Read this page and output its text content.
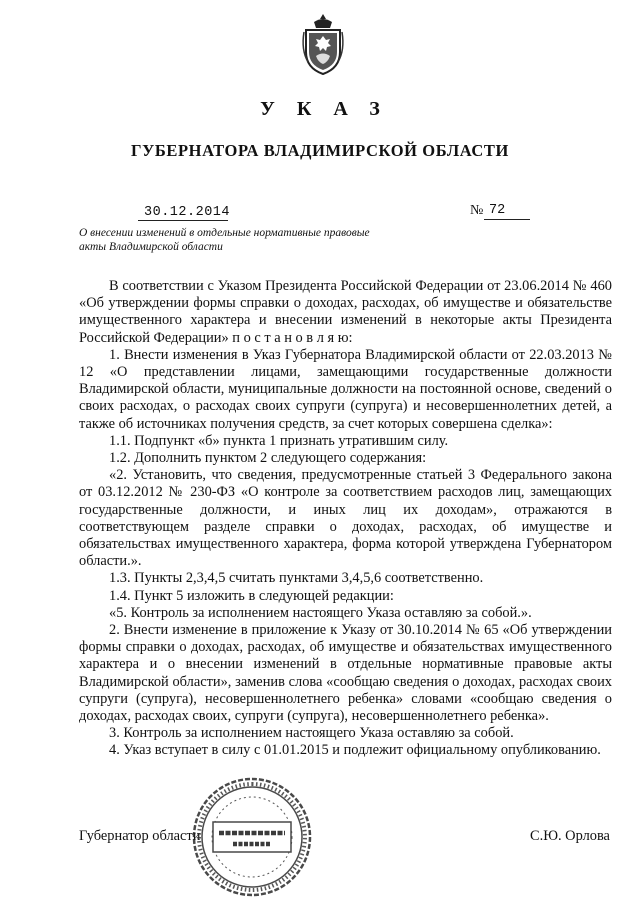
УКАЗ
ГУБЕРНАТОРА ВЛАДИМИРСКОЙ ОБЛАСТИ
30.12.2014	№ 72
О внесении изменений в отдельные нормативные правовые акты Владимирской области

В соответствии с Указом Президента Российской Федерации от 23.06.2014 № 460 «Об утверждении формы справки о доходах, расходах, об имуществе и обязательстве имущественного характера и внесении изменений в некоторые акты Президента Российской Федерации» п о с т а н о в л я ю:

1. Внести изменения в Указ Губернатора Владимирской области от 22.03.2013 № 12 «О представлении лицами, замещающими государственные должности Владимирской области, муниципальные должности на постоянной основе, сведений о своих расходах, о расходах своих супруги (супруга) и несовершеннолетних детей, а также об источниках получения средств, за счет которых совершена сделка»:

1.1. Подпункт «б» пункта 1 признать утратившим силу.

1.2. Дополнить пунктом 2 следующего содержания:

«2. Установить, что сведения, предусмотренные статьей 3 Федерального закона от 03.12.2012 № 230-ФЗ «О контроле за соответствием расходов лиц, замещающих государственные должности, и иных лиц их доходам», отражаются в соответствующем разделе справки о доходах, расходах, об имуществе и обязательствах имущественного характера, форма которой утверждена Губернатором области.».

1.3. Пункты 2,3,4,5 считать пунктами 3,4,5,6 соответственно.

1.4. Пункт 5 изложить в следующей редакции:

«5. Контроль за исполнением настоящего Указа оставляю за собой.».

2. Внести изменение в приложение к Указу от 30.10.2014 № 65 «Об утверждении формы справки о доходах, расходах, об имуществе и обязательствах имущественного характера и о внесении изменений в отдельные нормативные правовые акты Владимирской области», заменив слова «сообщаю сведения о доходах, расходах своих супруги (супруга), несовершеннолетнего ребенка» словами «сообщаю сведения о доходах, расходах своих, супруги (супруга), несовершеннолетнего ребенка».

3. Контроль за исполнением настоящего Указа оставляю за собой.

4. Указ вступает в силу с 01.01.2015 и подлежит официальному опубликованию.

Губернатор области	С.Ю. Орлова
